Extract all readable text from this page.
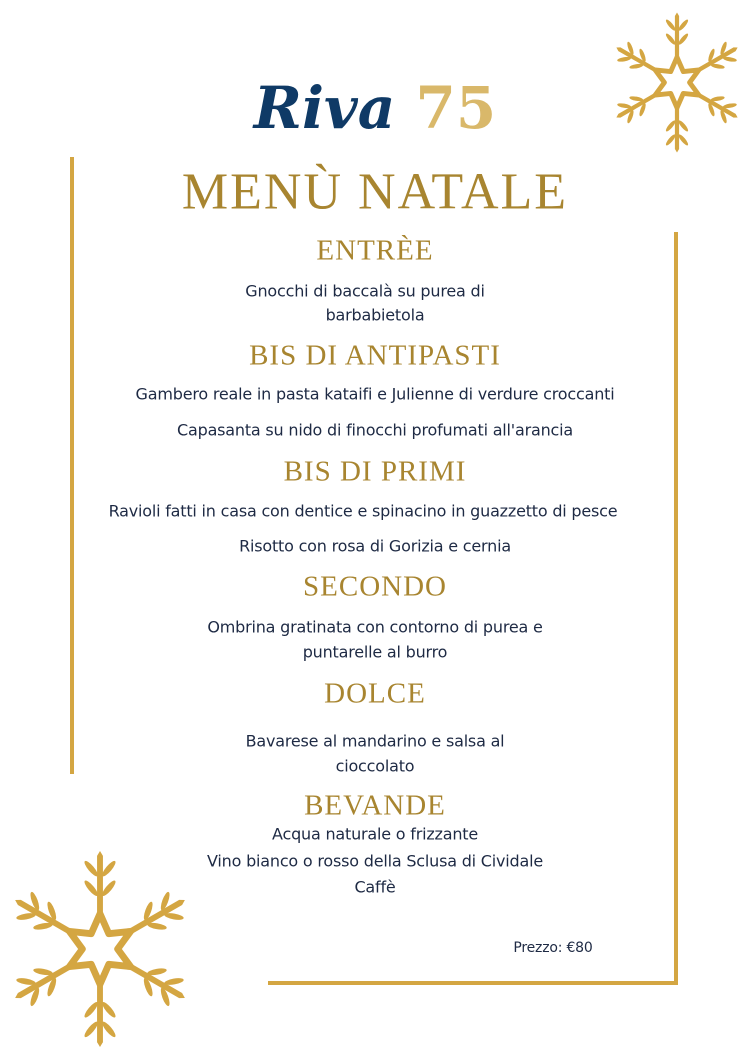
Riva 75
MENÙ NATALE
ENTRÈE
Gnocchi di baccalà su purea di
barbabietola
BIS DI ANTIPASTI
Gambero reale in pasta kataifi e Julienne di verdure croccanti
Capasanta su nido di finocchi profumati all'arancia
BIS DI PRIMI
Ravioli fatti in casa con dentice e spinacino in guazzetto di pesce
Risotto con rosa di Gorizia e cernia
SECONDO
Ombrina gratinata con contorno di purea e
puntarelle al burro
DOLCE
Bavarese al mandarino e salsa al
cioccolato
BEVANDE
Acqua naturale o frizzante
Vino bianco o rosso della Sclusa di Cividale
Caffè
Prezzo: €80
